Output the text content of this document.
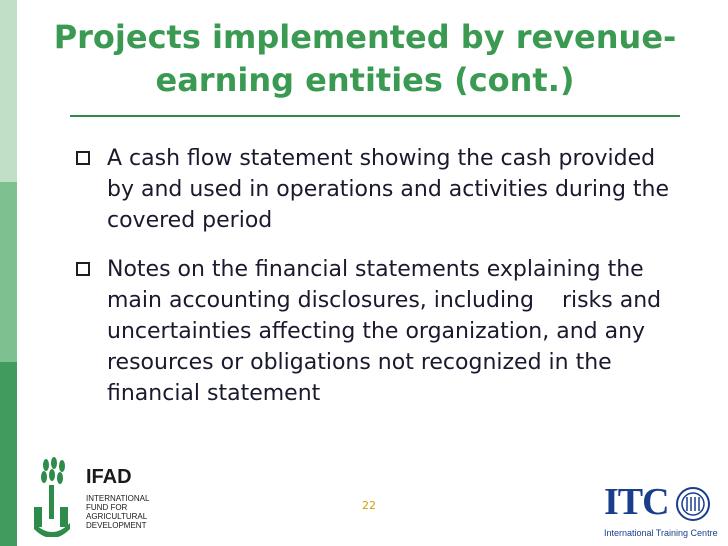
Projects implemented by revenue-earning entities (cont.)
A cash flow statement showing the cash provided by and used in operations and activities during the covered period
Notes on the financial statements explaining the main accounting disclosures, including    risks and uncertainties affecting the organization, and any resources or obligations not recognized in the financial statement
22
IFAD
INTERNATIONAL FUND FOR AGRICULTURAL DEVELOPMENT
ITC
International Training Centre
